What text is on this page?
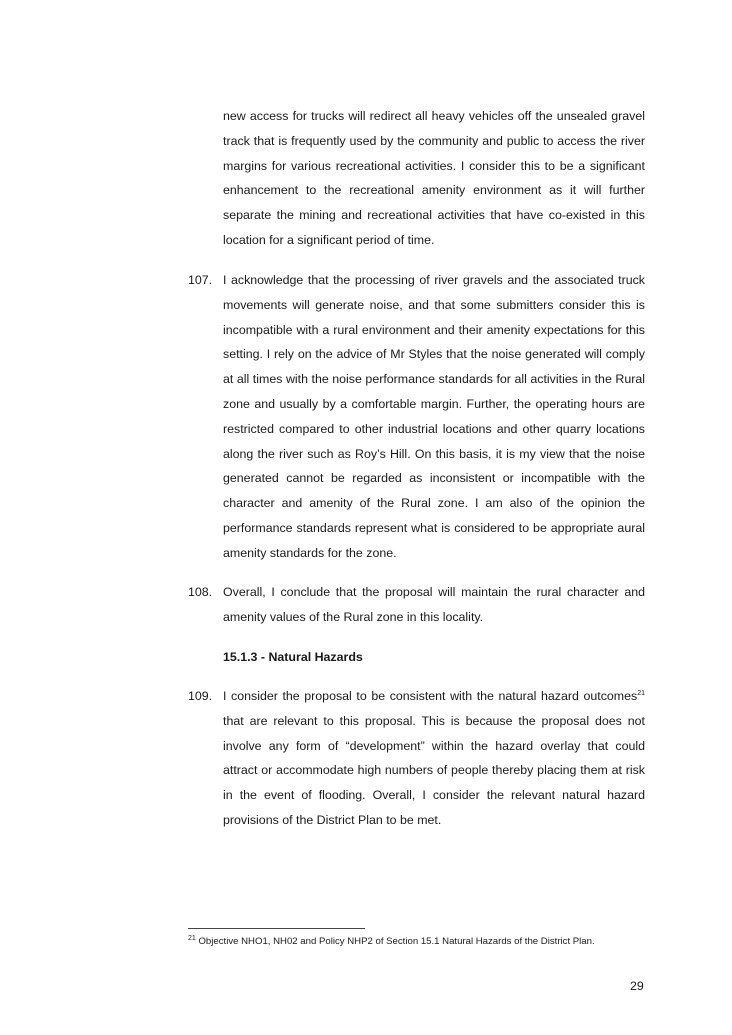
new access for trucks will redirect all heavy vehicles off the unsealed gravel track that is frequently used by the community and public to access the river margins for various recreational activities. I consider this to be a significant enhancement to the recreational amenity environment as it will further separate the mining and recreational activities that have co-existed in this location for a significant period of time.

107. I acknowledge that the processing of river gravels and the associated truck movements will generate noise, and that some submitters consider this is incompatible with a rural environment and their amenity expectations for this setting. I rely on the advice of Mr Styles that the noise generated will comply at all times with the noise performance standards for all activities in the Rural zone and usually by a comfortable margin. Further, the operating hours are restricted compared to other industrial locations and other quarry locations along the river such as Roy’s Hill. On this basis, it is my view that the noise generated cannot be regarded as inconsistent or incompatible with the character and amenity of the Rural zone. I am also of the opinion the performance standards represent what is considered to be appropriate aural amenity standards for the zone.

108. Overall, I conclude that the proposal will maintain the rural character and amenity values of the Rural zone in this locality.

15.1.3 - Natural Hazards

109. I consider the proposal to be consistent with the natural hazard outcomes$^{21}$ that are relevant to this proposal. This is because the proposal does not involve any form of “development” within the hazard overlay that could attract or accommodate high numbers of people thereby placing them at risk in the event of flooding. Overall, I consider the relevant natural hazard provisions of the District Plan to be met.

$^{21}$ Objective NHO1, NH02 and Policy NHP2 of Section 15.1 Natural Hazards of the District Plan.

29
